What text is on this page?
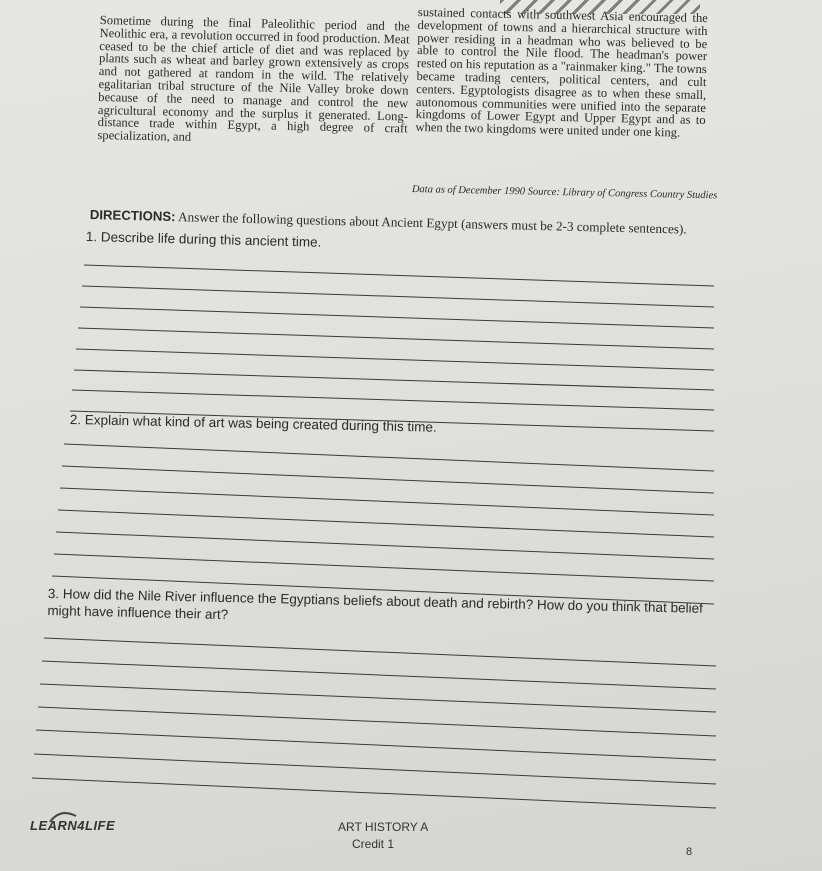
Sometime during the final Paleolithic period and the Neolithic era, a revolution occurred in food production. Meat ceased to be the chief article of diet and was replaced by plants such as wheat and barley grown extensively as crops and not gathered at random in the wild. The relatively egalitarian tribal structure of the Nile Valley broke down because of the need to manage and control the new agricultural economy and the surplus it generated. Long-distance trade within Egypt, a high degree of craft specialization, and
sustained contacts with southwest Asia encouraged the development of towns and a hierarchical structure with power residing in a headman who was believed to be able to control the Nile flood. The headman's power rested on his reputation as a "rainmaker king." The towns became trading centers, political centers, and cult centers. Egyptologists disagree as to when these small, autonomous communities were unified into the separate kingdoms of Lower Egypt and Upper Egypt and as to when the two kingdoms were united under one king.
Data as of December 1990 Source: Library of Congress Country Studies
DIRECTIONS: Answer the following questions about Ancient Egypt (answers must be 2-3 complete sentences).
1. Describe life during this ancient time.
2. Explain what kind of art was being created during this time.
3. How did the Nile River influence the Egyptians beliefs about death and rebirth? How do you think that belief might have influence their art?
LEARN4LIFE	ART HISTORY A
Credit 1
8
